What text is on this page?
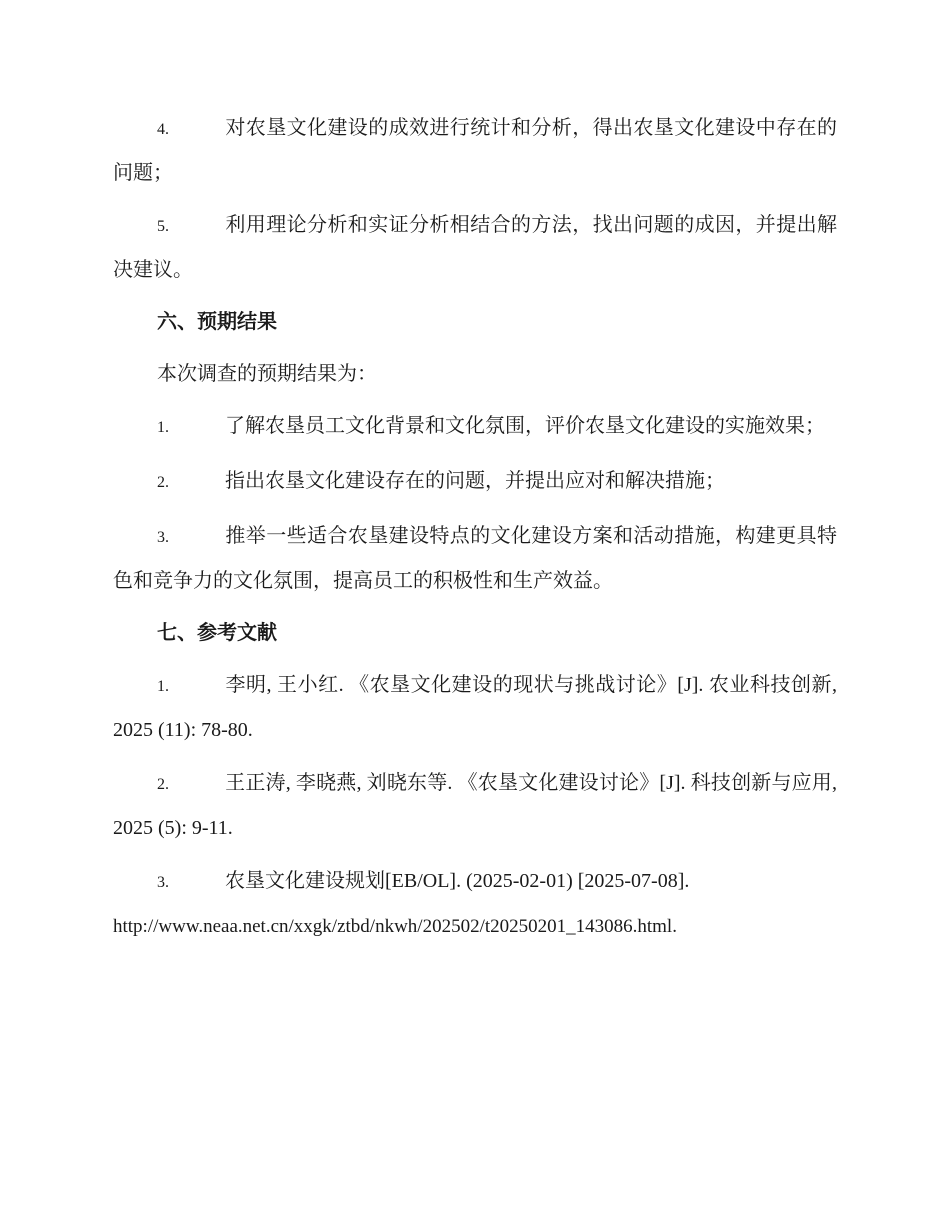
4.	对农垦文化建设的成效进行统计和分析，得出农垦文化建设中存在的问题；

5.	利用理论分析和实证分析相结合的方法，找出问题的成因，并提出解决建议。

六、预期结果

本次调查的预期结果为：

1.	了解农垦员工文化背景和文化氛围，评价农垦文化建设的实施效果；

2.	指出农垦文化建设存在的问题，并提出应对和解决措施；

3.	推举一些适合农垦建设特点的文化建设方案和活动措施，构建更具特色和竞争力的文化氛围，提高员工的积极性和生产效益。

七、参考文献

1.	李明, 王小红. 《农垦文化建设的现状与挑战讨论》[J]. 农业科技创新, 2025 (11): 78-80.

2.	王正涛, 李晓燕, 刘晓东等. 《农垦文化建设讨论》[J]. 科技创新与应用, 2025 (5): 9-11.

3.	农垦文化建设规划[EB/OL]. (2025-02-01) [2025-07-08].
http://www.neaa.net.cn/xxgk/ztbd/nkwh/202502/t20250201_143086.html.
